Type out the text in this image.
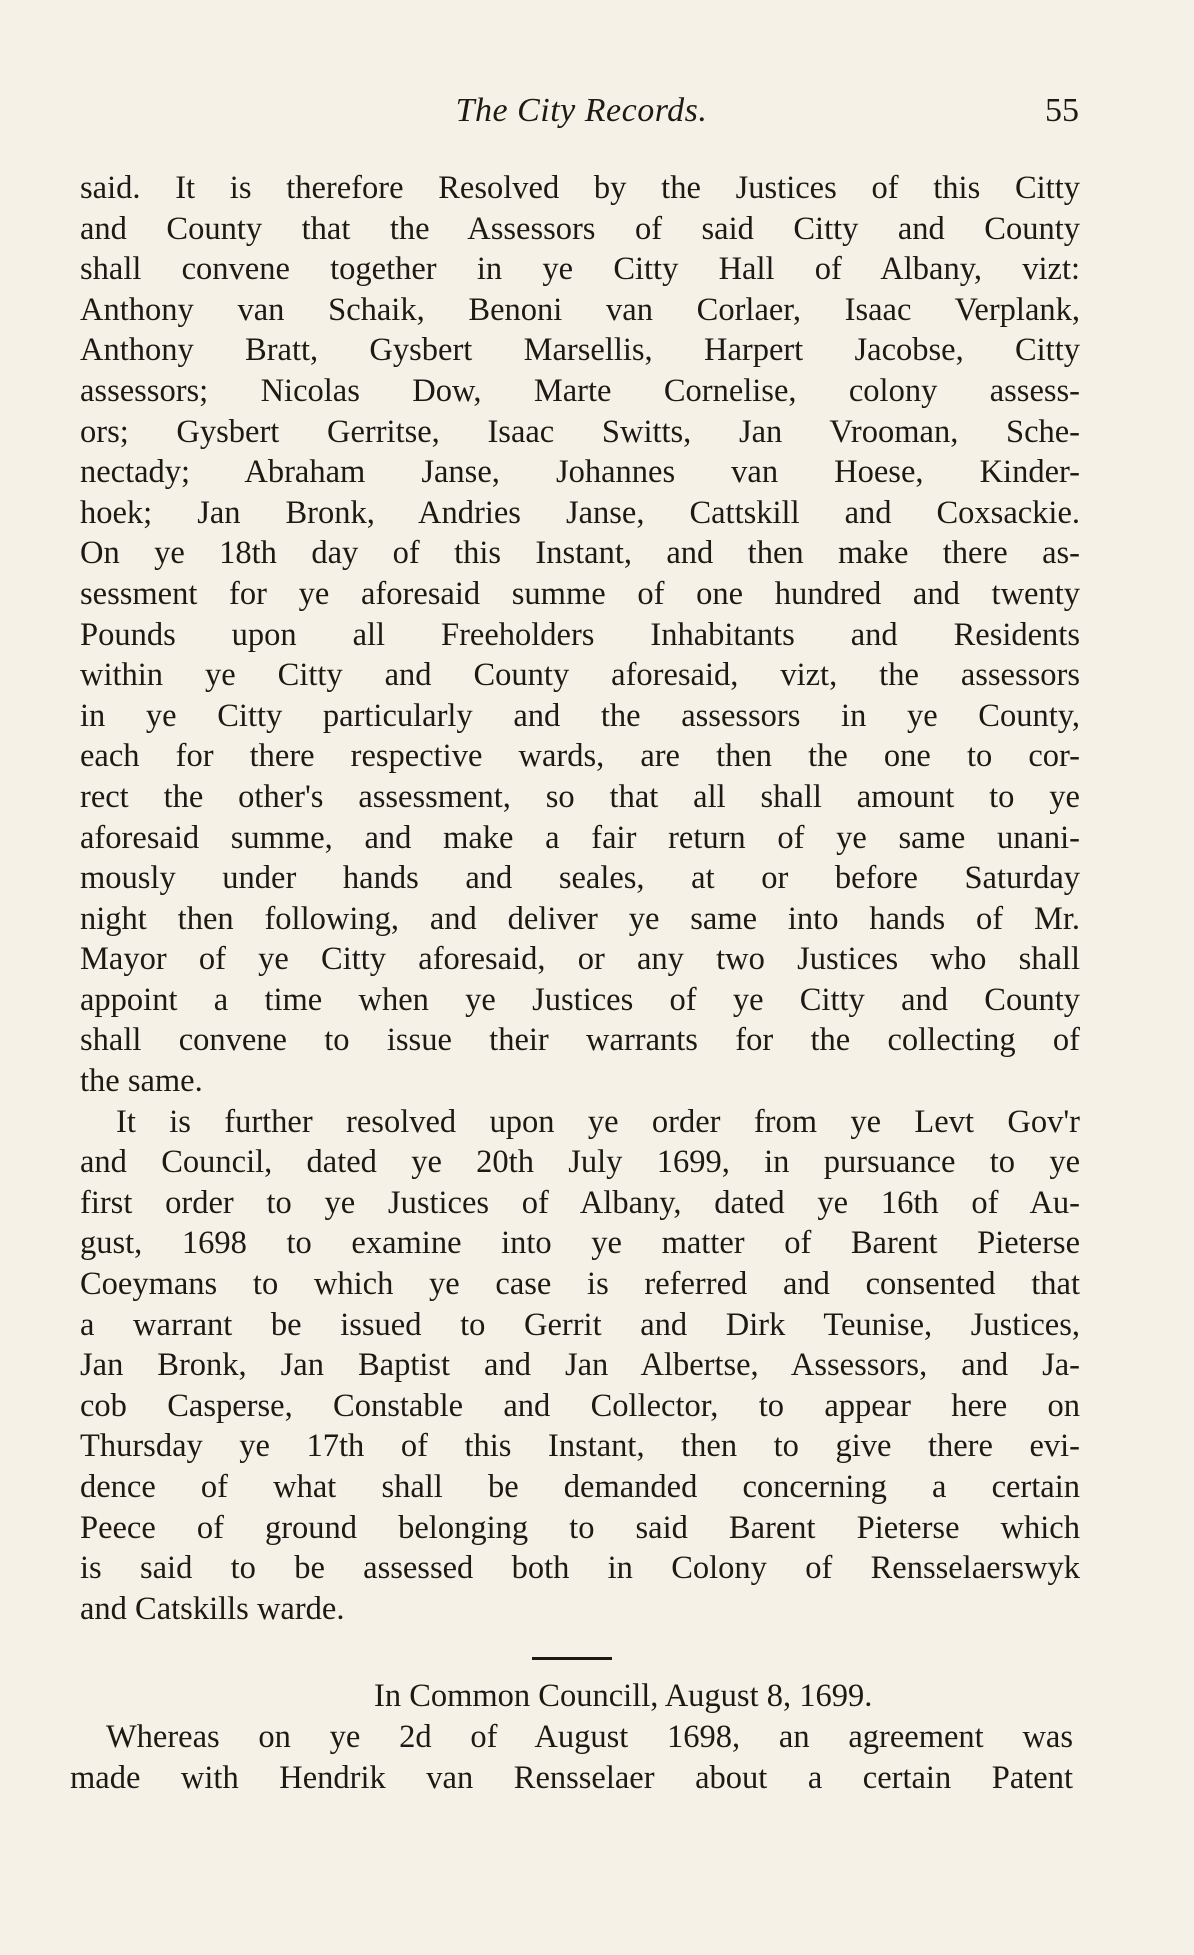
The City Records.	55
said. It is therefore Resolved by the Justices of this Citty
and County that the Assessors of said Citty and County
shall convene together in ye Citty Hall of Albany, vizt:
Anthony van Schaik, Benoni van Corlaer, Isaac Verplank,
Anthony Bratt, Gysbert Marsellis, Harpert Jacobse, Citty
assessors; Nicolas Dow, Marte Cornelise, colony assess-
ors; Gysbert Gerritse, Isaac Switts, Jan Vrooman, Sche-
nectady; Abraham Janse, Johannes van Hoese, Kinder-
hoek; Jan Bronk, Andries Janse, Cattskill and Coxsackie.
On ye 18th day of this Instant, and then make there as-
sessment for ye aforesaid summe of one hundred and twenty
Pounds upon all Freeholders Inhabitants and Residents
within ye Citty and County aforesaid, vizt, the assessors
in ye Citty particularly and the assessors in ye County,
each for there respective wards, are then the one to cor-
rect the other's assessment, so that all shall amount to ye
aforesaid summe, and make a fair return of ye same unani-
mously under hands and seales, at or before Saturday
night then following, and deliver ye same into hands of Mr.
Mayor of ye Citty aforesaid, or any two Justices who shall
appoint a time when ye Justices of ye Citty and County
shall convene to issue their warrants for the collecting of
the same.
It is further resolved upon ye order from ye Levt Gov'r
and Council, dated ye 20th July 1699, in pursuance to ye
first order to ye Justices of Albany, dated ye 16th of Au-
gust, 1698 to examine into ye matter of Barent Pieterse
Coeymans to which ye case is referred and consented that
a warrant be issued to Gerrit and Dirk Teunise, Justices,
Jan Bronk, Jan Baptist and Jan Albertse, Assessors, and Ja-
cob Casperse, Constable and Collector, to appear here on
Thursday ye 17th of this Instant, then to give there evi-
dence of what shall be demanded concerning a certain
Peece of ground belonging to said Barent Pieterse which
is said to be assessed both in Colony of Rensselaerswyk
and Catskills warde.
In Common Councill, August 8, 1699.
Whereas on ye 2d of August 1698, an agreement was
made with Hendrik van Rensselaer about a certain Patent
